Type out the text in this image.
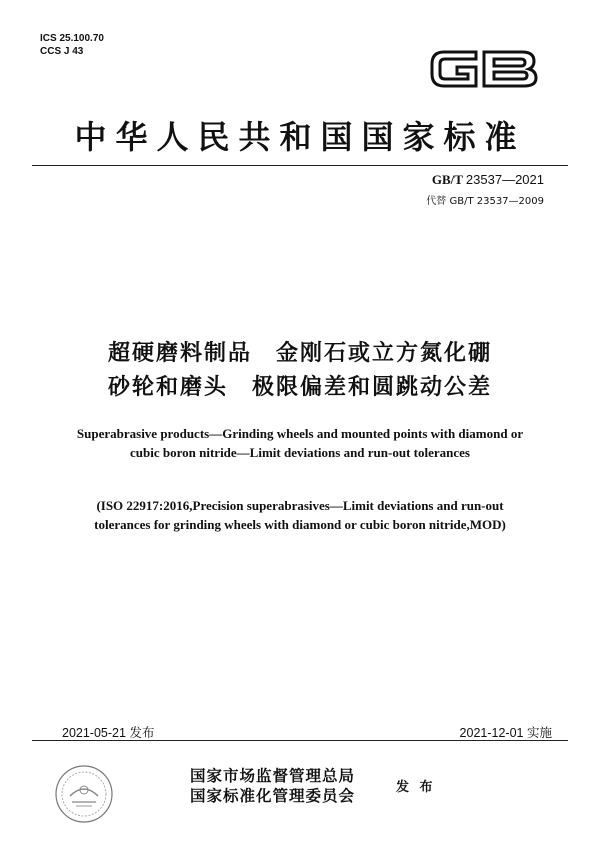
ICS 25.100.70
CCS J 43
中华人民共和国国家标准
GB/T 23537—2021
代替 GB/T 23537—2009
超硬磨料制品　金刚石或立方氮化硼
砂轮和磨头　极限偏差和圆跳动公差
Superabrasive products—Grinding wheels and mounted points with diamond or
cubic boron nitride—Limit deviations and run-out tolerances
(ISO 22917:2016,Precision superabrasives—Limit deviations and run-out
tolerances for grinding wheels with diamond or cubic boron nitride,MOD)
2021-05-21 发布	2021-12-01 实施
国家市场监督管理总局
国家标准化管理委员会	发 布
